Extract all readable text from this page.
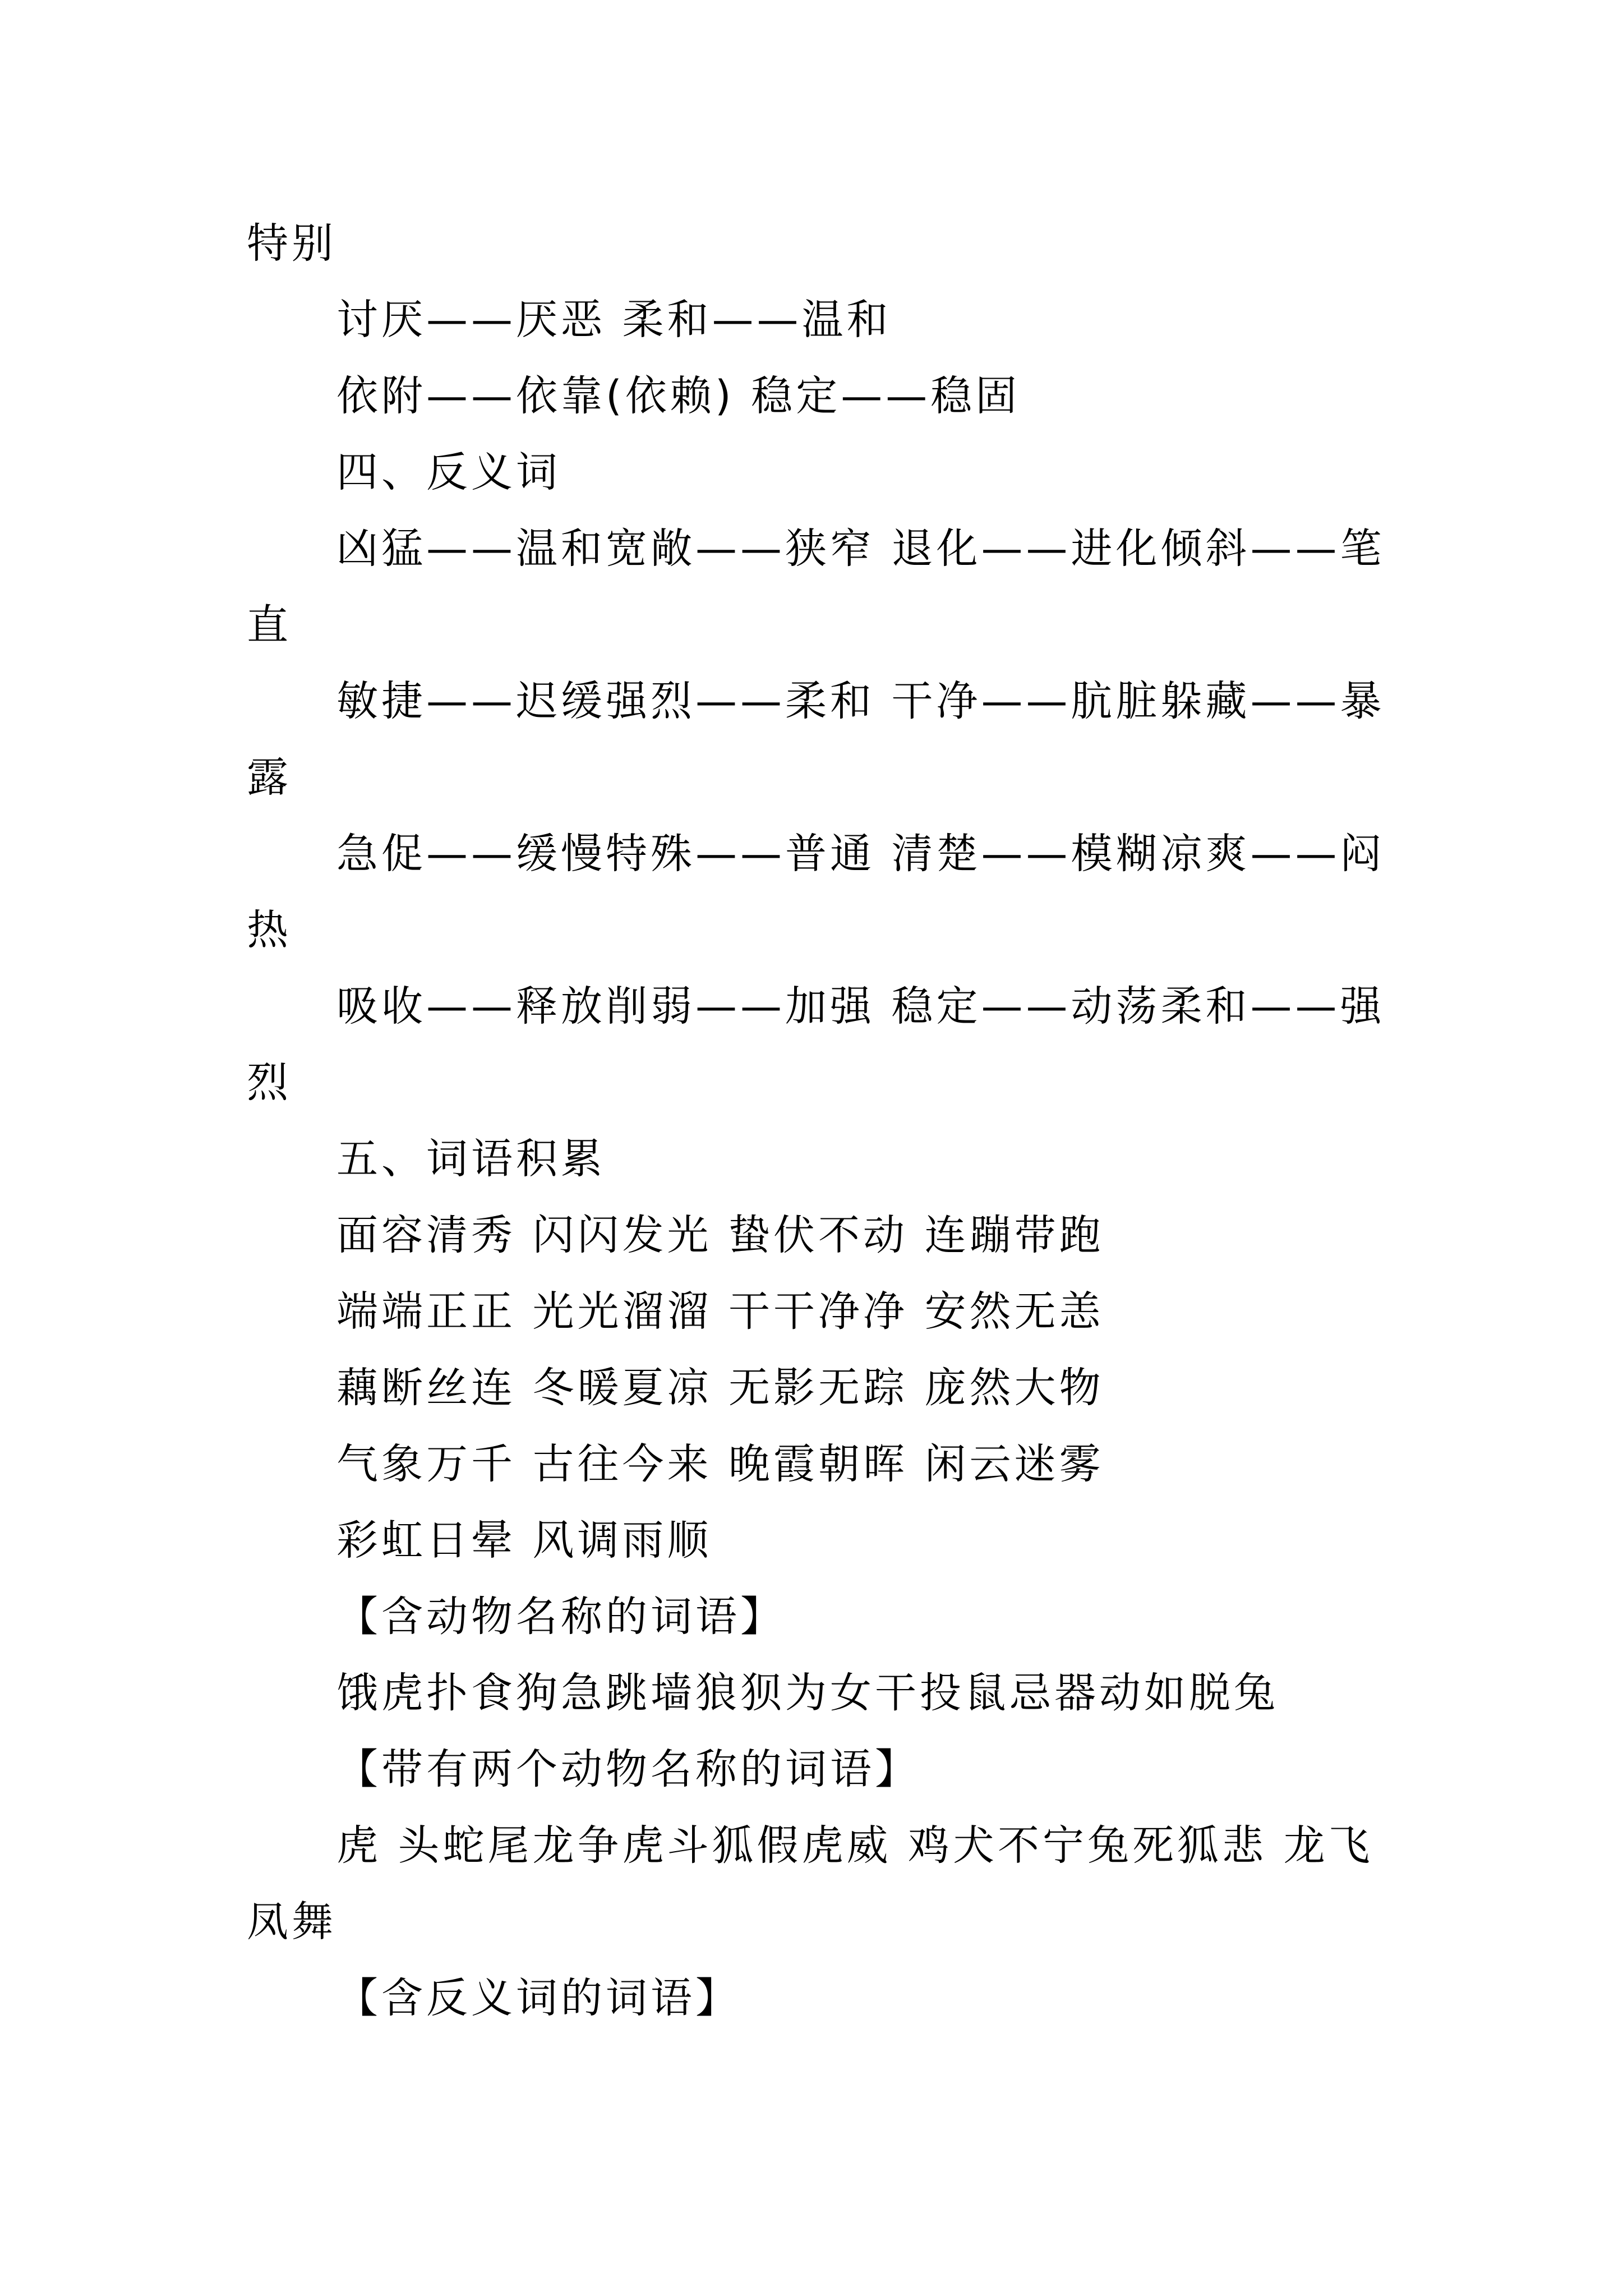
特别
讨厌——厌恶 柔和——温和
依附——依靠(依赖) 稳定——稳固
四、反义词
凶猛——温和宽敞——狭窄 退化——进化倾斜——笔
直
敏捷——迟缓强烈——柔和 干净——肮脏躲藏——暴
露
急促——缓慢特殊——普通 清楚——模糊凉爽——闷
热
吸收——释放削弱——加强 稳定——动荡柔和——强
烈
五、词语积累
面容清秀 闪闪发光 蛰伏不动 连蹦带跑
端端正正 光光溜溜 干干净净 安然无恙
藕断丝连 冬暖夏凉 无影无踪 庞然大物
气象万千 古往今来 晚霞朝晖 闲云迷雾
彩虹日晕 风调雨顺
【含动物名称的词语】
饿虎扑食狗急跳墙狼狈为女干投鼠忌器动如脱兔
【带有两个动物名称的词语】
虎 头蛇尾龙争虎斗狐假虎威 鸡犬不宁兔死狐悲 龙飞
凤舞
【含反义词的词语】
